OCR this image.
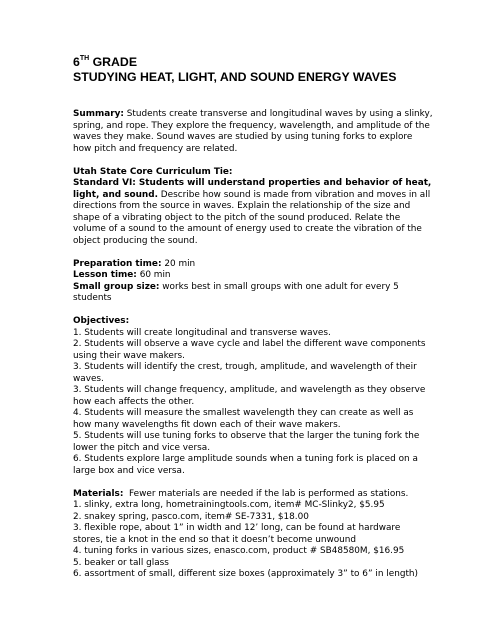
6TH GRADE
STUDYING HEAT, LIGHT, AND SOUND ENERGY WAVES

Summary: Students create transverse and longitudinal waves by using a slinky, spring, and rope. They explore the frequency, wavelength, and amplitude of the waves they make. Sound waves are studied by using tuning forks to explore how pitch and frequency are related.

Utah State Core Curriculum Tie:
Standard VI: Students will understand properties and behavior of heat, light, and sound. Describe how sound is made from vibration and moves in all directions from the source in waves. Explain the relationship of the size and shape of a vibrating object to the pitch of the sound produced. Relate the volume of a sound to the amount of energy used to create the vibration of the object producing the sound.

Preparation time: 20 min
Lesson time: 60 min
Small group size: works best in small groups with one adult for every 5 students

Objectives:
1. Students will create longitudinal and transverse waves.
2. Students will observe a wave cycle and label the different wave components using their wave makers.
3. Students will identify the crest, trough, amplitude, and wavelength of their waves.
3. Students will change frequency, amplitude, and wavelength as they observe how each affects the other.
4. Students will measure the smallest wavelength they can create as well as how many wavelengths fit down each of their wave makers.
5. Students will use tuning forks to observe that the larger the tuning fork the lower the pitch and vice versa.
6. Students explore large amplitude sounds when a tuning fork is placed on a large box and vice versa.

Materials: Fewer materials are needed if the lab is performed as stations.
1. slinky, extra long, hometrainingtools.com, item# MC-Slinky2, $5.95
2. snakey spring, pasco.com, item# SE-7331, $18.00
3. flexible rope, about 1” in width and 12’ long, can be found at hardware stores, tie a knot in the end so that it doesn’t become unwound
4. tuning forks in various sizes, enasco.com, product # SB48580M, $16.95
5. beaker or tall glass
6. assortment of small, different size boxes (approximately 3” to 6” in length)
